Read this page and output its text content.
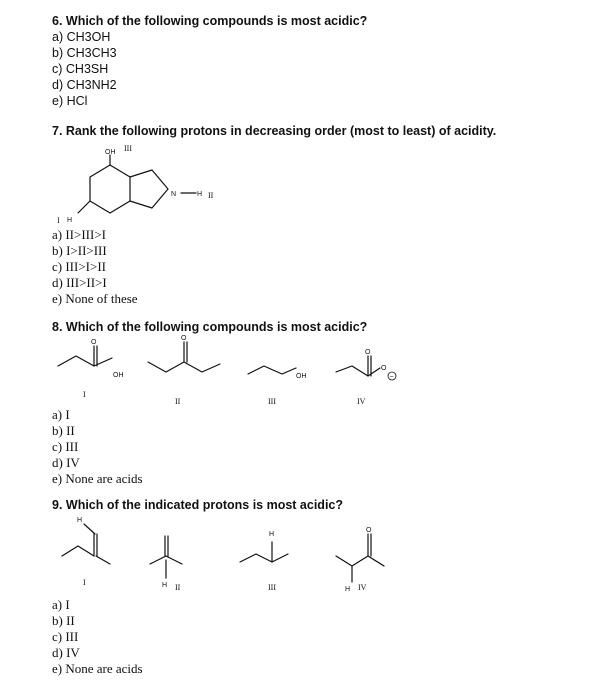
6. Which of the following compounds is most acidic?
a) CH3OH
b) CH3CH3
c) CH3SH
d) CH3NH2
e) HCl
7. Rank the following protons in decreasing order (most to least) of acidity.
OH III
N	H II
I H
a) II>III>I
b) I>II>III
c) III>I>II
d) III>II>I
e) None of these
8. Which of the following compounds is most acidic?
O
OH
O
OH
O
O
−
I
II	III	IV
a) I
b) II
c) III
d) IV
e) None are acids
9. Which of the indicated protons is most acidic?
H
H
H
O
H
I
II	III	IV
a) I
b) II
c) III
d) IV
e) None are acids
